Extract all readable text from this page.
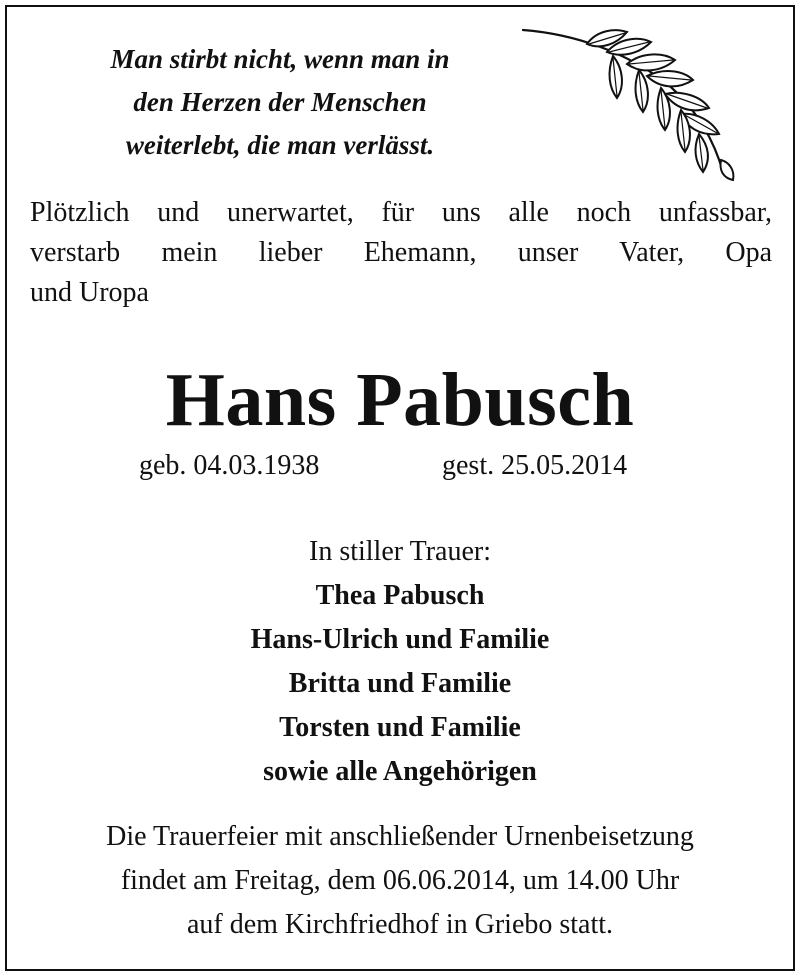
Man stirbt nicht, wenn man in
den Herzen der Menschen
weiterlebt, die man verlässt.
Plötzlich und unerwartet, für uns alle noch unfassbar,
verstarb mein lieber Ehemann, unser Vater, Opa
und Uropa
Hans Pabusch
geb. 04.03.1938	gest. 25.05.2014
In stiller Trauer:
Thea Pabusch
Hans-Ulrich und Familie
Britta und Familie
Torsten und Familie
sowie alle Angehörigen
Die Trauerfeier mit anschließender Urnenbeisetzung
findet am Freitag, dem 06.06.2014, um 14.00 Uhr
auf dem Kirchfriedhof in Griebo statt.
